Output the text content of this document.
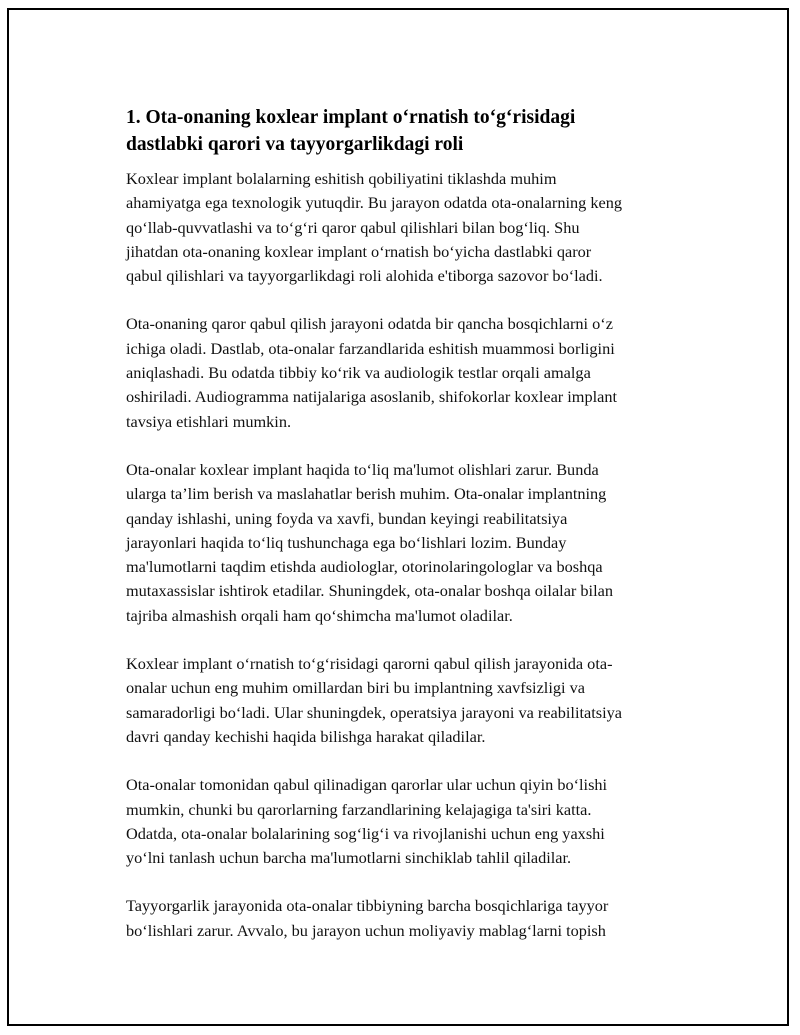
1. Ota-onaning koxlear implant o‘rnatish to‘g‘risidagi
dastlabki qarori va tayyorgarlikdagi roli
Koxlear implant bolalarning eshitish qobiliyatini tiklashda muhim
ahamiyatga ega texnologik yutuqdir. Bu jarayon odatda ota-onalarning keng
qo‘llab-quvvatlashi va to‘g‘ri qaror qabul qilishlari bilan bog‘liq. Shu
jihatdan ota-onaning koxlear implant o‘rnatish bo‘yicha dastlabki qaror
qabul qilishlari va tayyorgarlikdagi roli alohida e'tiborga sazovor bo‘ladi.
Ota-onaning qaror qabul qilish jarayoni odatda bir qancha bosqichlarni o‘z
ichiga oladi. Dastlab, ota-onalar farzandlarida eshitish muammosi borligini
aniqlashadi. Bu odatda tibbiy ko‘rik va audiologik testlar orqali amalga
oshiriladi. Audiogramma natijalariga asoslanib, shifokorlar koxlear implant
tavsiya etishlari mumkin.
Ota-onalar koxlear implant haqida to‘liq ma'lumot olishlari zarur. Bunda
ularga ta’lim berish va maslahatlar berish muhim. Ota-onalar implantning
qanday ishlashi, uning foyda va xavfi, bundan keyingi reabilitatsiya
jarayonlari haqida to‘liq tushunchaga ega bo‘lishlari lozim. Bunday
ma'lumotlarni taqdim etishda audiologlar, otorinolaringologlar va boshqa
mutaxassislar ishtirok etadilar. Shuningdek, ota-onalar boshqa oilalar bilan
tajriba almashish orqali ham qo‘shimcha ma'lumot oladilar.
Koxlear implant o‘rnatish to‘g‘risidagi qarorni qabul qilish jarayonida ota-
onalar uchun eng muhim omillardan biri bu implantning xavfsizligi va
samaradorligi bo‘ladi. Ular shuningdek, operatsiya jarayoni va reabilitatsiya
davri qanday kechishi haqida bilishga harakat qiladilar.
Ota-onalar tomonidan qabul qilinadigan qarorlar ular uchun qiyin bo‘lishi
mumkin, chunki bu qarorlarning farzandlarining kelajagiga ta'siri katta.
Odatda, ota-onalar bolalarining sog‘lig‘i va rivojlanishi uchun eng yaxshi
yo‘lni tanlash uchun barcha ma'lumotlarni sinchiklab tahlil qiladilar.
Tayyorgarlik jarayonida ota-onalar tibbiyning barcha bosqichlariga tayyor
bo‘lishlari zarur. Avvalo, bu jarayon uchun moliyaviy mablag‘larni topish
